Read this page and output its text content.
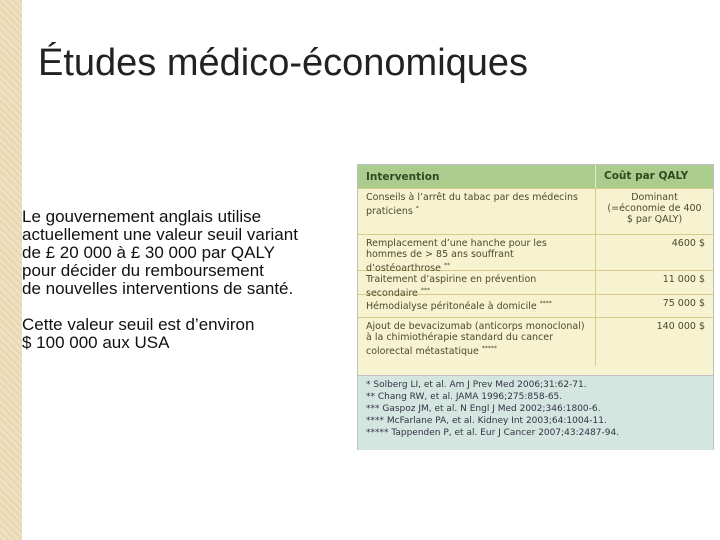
Études médico-économiques
Le gouvernement anglais utilise
actuellement une valeur seuil variant
de £ 20 000 à £ 30 000 par QALY
pour décider du remboursement
de nouvelles interventions de santé.
Cette valeur seuil est d’environ
$ 100 000 aux USA
Intervention	Coût par QALY
Conseils à l’arrêt du tabac par des médecins praticiens *
Dominant (=économie de 400 $ par QALY)
Remplacement d’une hanche pour les hommes de > 85 ans souffrant d’ostéoarthrose **
4600 $
Traitement d’aspirine en prévention secondaire ***
11 000 $
Hémodialyse péritonéale à domicile ****	75 000 $
Ajout de bevacizumab (anticorps monoclonal) à la chimiothérapie standard du cancer colorectal métastatique *****
140 000 $
* Solberg LI, et al. Am J Prev Med 2006;31:62-71.
** Chang RW, et al. JAMA 1996;275:858-65.
*** Gaspoz JM, et al. N Engl J Med 2002;346:1800-6.
**** McFarlane PA, et al. Kidney Int 2003;64:1004-11.
***** Tappenden P, et al. Eur J Cancer 2007;43:2487-94.
